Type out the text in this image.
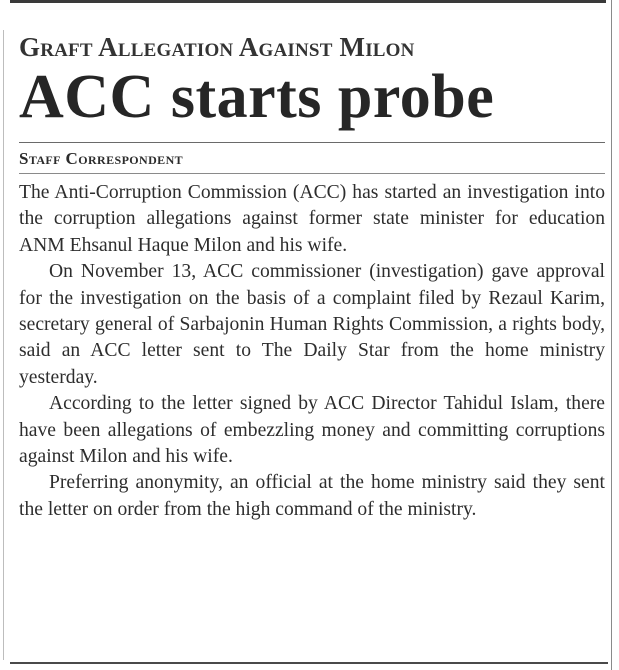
Graft Allegation Against Milon
ACC starts probe
Staff Correspondent

The Anti-Corruption Commission (ACC) has started an investigation into the corruption allegations against former state minister for education ANM Ehsanul Haque Milon and his wife.

On November 13, ACC commissioner (investigation) gave approval for the investigation on the basis of a complaint filed by Rezaul Karim, secretary general of Sarbajonin Human Rights Commission, a rights body, said an ACC letter sent to The Daily Star from the home ministry yesterday.

According to the letter signed by ACC Director Tahidul Islam, there have been allegations of embezzling money and committing corruptions against Milon and his wife.

Preferring anonymity, an official at the home ministry said they sent the letter on order from the high command of the ministry.
